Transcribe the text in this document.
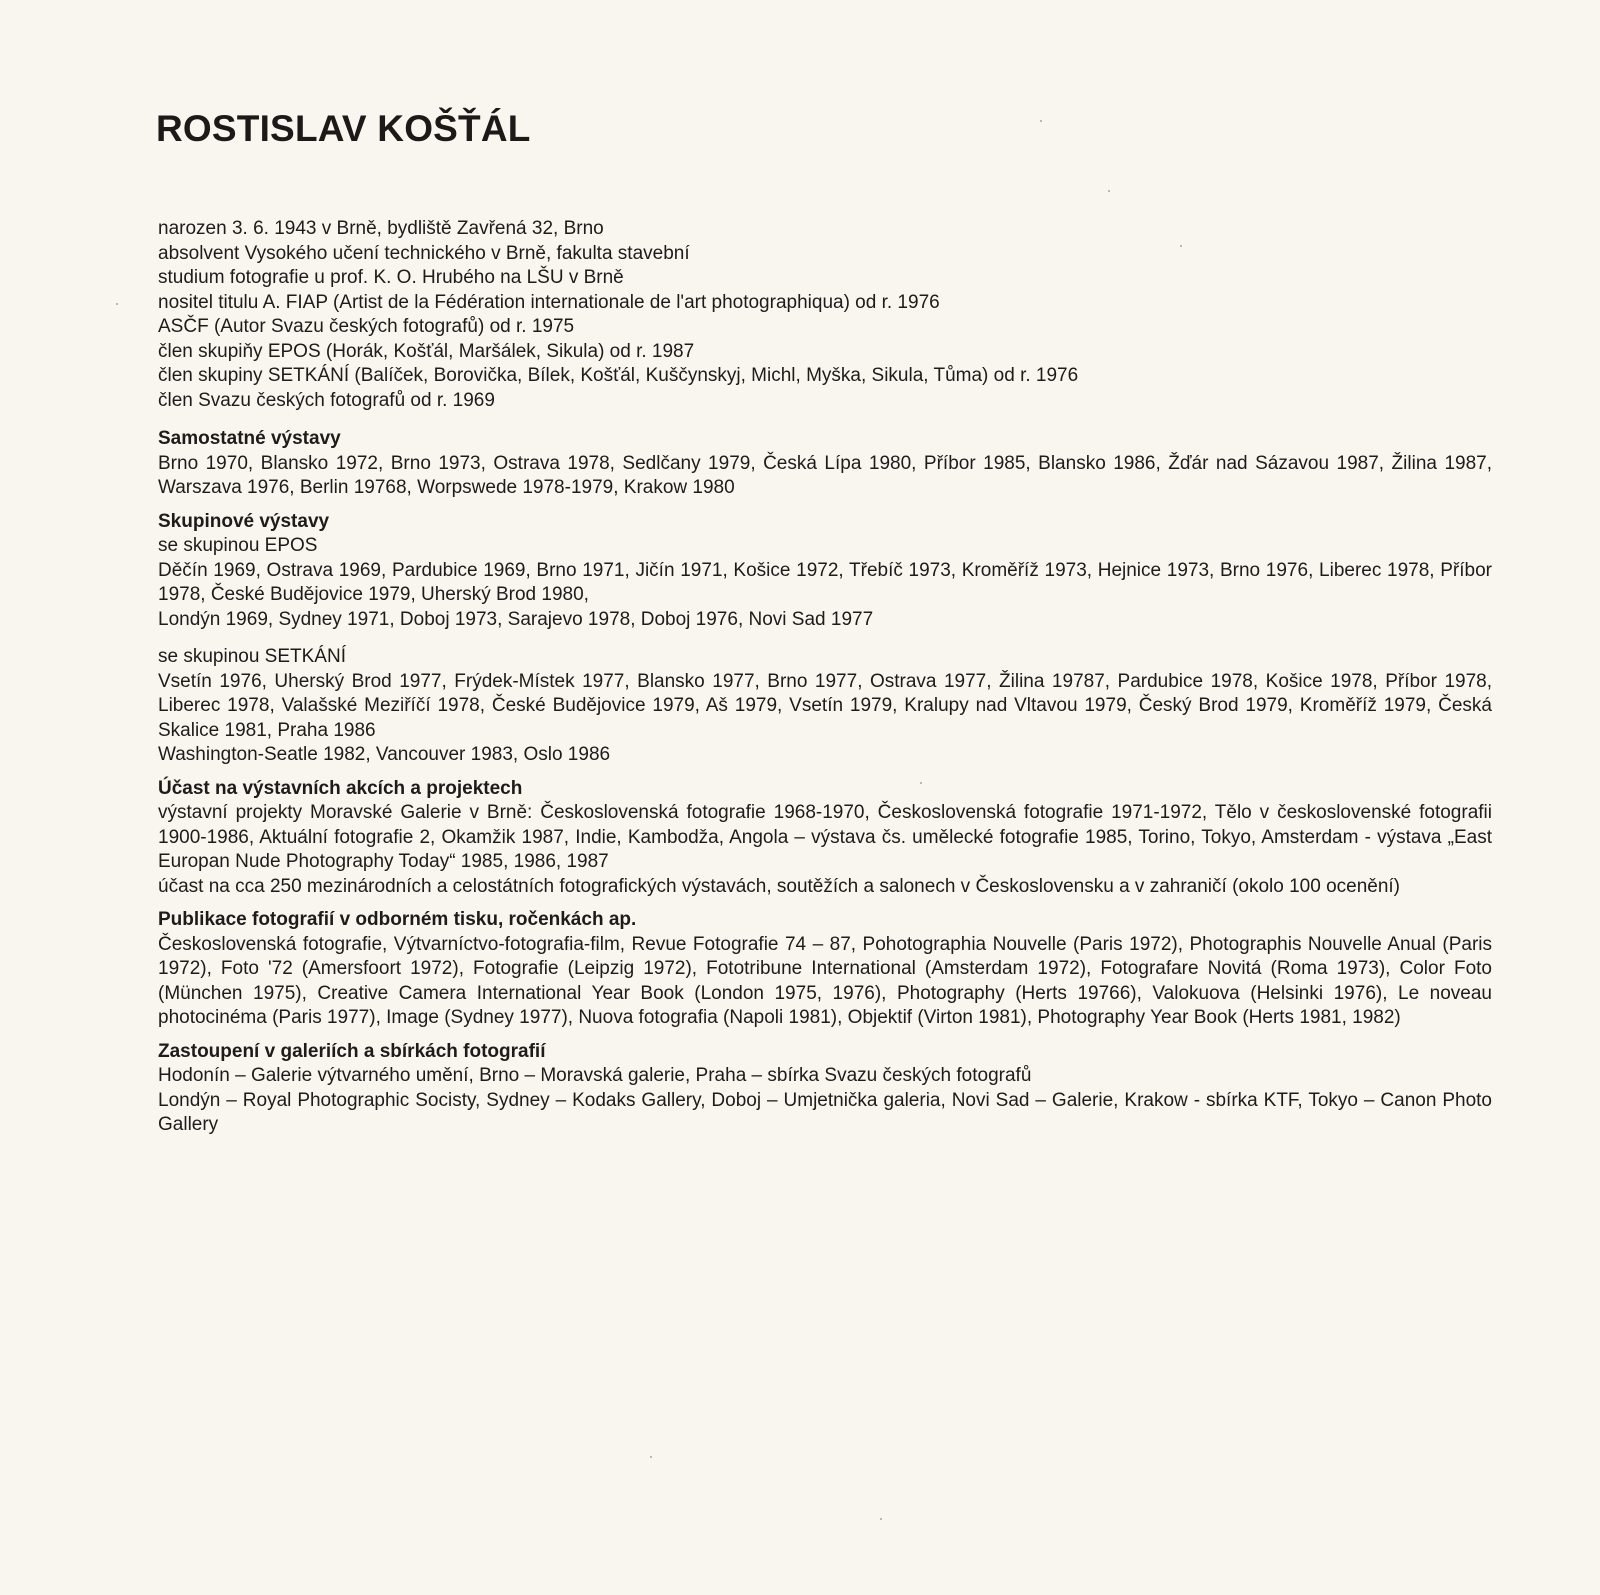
ROSTISLAV KOŠŤÁL
narozen 3. 6. 1943 v Brně, bydliště Zavřená 32, Brno
absolvent Vysokého učení technického v Brně, fakulta stavební
studium fotografie u prof. K. O. Hrubého na LŠU v Brně
nositel titulu A. FIAP (Artist de la Fédération internationale de l'art photographiqua) od r. 1976
ASČF (Autor Svazu českých fotografů) od r. 1975
člen skupiňy EPOS (Horák, Košťál, Maršálek, Sikula) od r. 1987
člen skupiny SETKÁNÍ (Balíček, Borovička, Bílek, Košťál, Kuščynskyj, Michl, Myška, Sikula, Tůma) od r. 1976
člen Svazu českých fotografů od r. 1969
Samostatné výstavy

Brno 1970, Blansko 1972, Brno 1973, Ostrava 1978, Sedlčany 1979, Česká Lípa 1980, Příbor 1985, Blansko 1986, Žďár nad Sázavou 1987, Žilina 1987, Warszava 1976, Berlin 19768, Worpswede 1978-1979, Krakow 1980

Skupinové výstavy

se skupinou EPOS

Děčín 1969, Ostrava 1969, Pardubice 1969, Brno 1971, Jičín 1971, Košice 1972, Třebíč 1973, Kroměříž 1973, Hejnice 1973, Brno 1976, Liberec 1978, Příbor 1978, České Budějovice 1979, Uherský Brod 1980,

Londýn 1969, Sydney 1971, Doboj 1973, Sarajevo 1978, Doboj 1976, Novi Sad 1977

se skupinou SETKÁNÍ

Vsetín 1976, Uherský Brod 1977, Frýdek-Místek 1977, Blansko 1977, Brno 1977, Ostrava 1977, Žilina 19787, Pardubice 1978, Košice 1978, Příbor 1978, Liberec 1978, Valašské Meziříčí 1978, České Budějovice 1979, Aš 1979, Vsetín 1979, Kralupy nad Vltavou 1979, Český Brod 1979, Kroměříž 1979, Česká Skalice 1981, Praha 1986

Washington-Seatle 1982, Vancouver 1983, Oslo 1986

Účast na výstavních akcích a projektech

výstavní projekty Moravské Galerie v Brně: Československá fotografie 1968-1970, Československá fotografie 1971-1972, Tělo v československé fotografii 1900-1986, Aktuální fotografie 2, Okamžik 1987, Indie, Kambodža, Angola – výstava čs. umělecké fotografie 1985, Torino, Tokyo, Amsterdam - výstava „East Europan Nude Photography Today“ 1985, 1986, 1987

účast na cca 250 mezinárodních a celostátních fotografických výstavách, soutěžích a salonech v Československu a v zahraničí (okolo 100 ocenění)

Publikace fotografií v odborném tisku, ročenkách ap.

Československá fotografie, Výtvarníctvo-fotografia-film, Revue Fotografie 74 – 87, Pohotographia Nouvelle (Paris 1972), Photographis Nouvelle Anual (Paris 1972), Foto '72 (Amersfoort 1972), Fotografie (Leipzig 1972), Fototribune International (Amsterdam 1972), Fotografare Novitá (Roma 1973), Color Foto (München 1975), Creative Camera International Year Book (London 1975, 1976), Photography (Herts 19766), Valokuova (Helsinki 1976), Le noveau photocinéma (Paris 1977), Image (Sydney 1977), Nuova fotografia (Napoli 1981), Objektif (Virton 1981), Photography Year Book (Herts 1981, 1982)

Zastoupení v galeriích a sbírkách fotografií

Hodonín – Galerie výtvarného umění, Brno – Moravská galerie, Praha – sbírka Svazu českých fotografů

Londýn – Royal Photographic Socisty, Sydney – Kodaks Gallery, Doboj – Umjetnička galeria, Novi Sad – Galerie, Krakow - sbírka KTF, Tokyo – Canon Photo Gallery
